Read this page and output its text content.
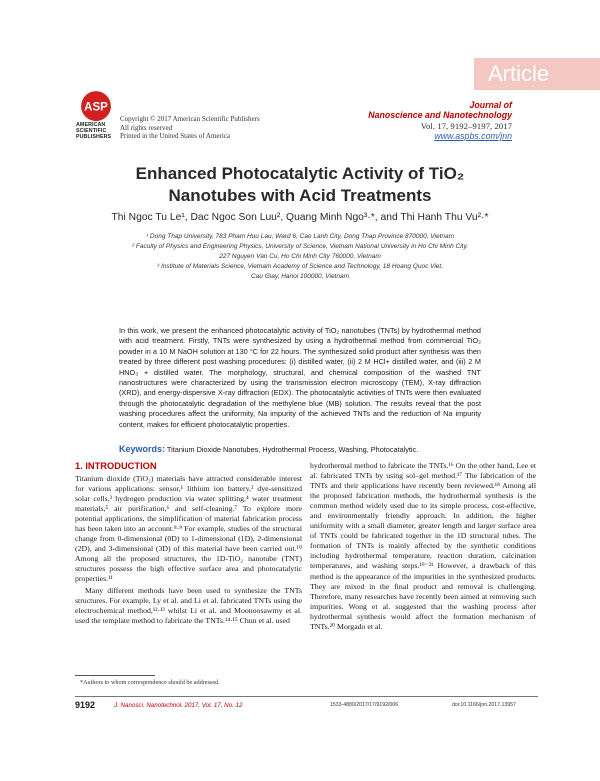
Article
ASP
AMERICAN
SCIENTIFIC
PUBLISHERS
Copyright © 2017 American Scientific Publishers
All rights reserved
Printed in the United States of America
Journal of
Nanoscience and Nanotechnology
Vol. 17, 9192–9197, 2017
www.aspbs.com/jnn
Enhanced Photocatalytic Activity of TiO₂
Nanotubes with Acid Treatments
Thi Ngoc Tu Le¹, Dac Ngoc Son Luu², Quang Minh Ngo³·*, and Thi Hanh Thu Vu²·*
¹ Dong Thap University, 783 Pham Huu Lau, Ward 6, Cao Lanh City, Dong Thap Province 870000, Vietnam
² Faculty of Physics and Engineering Physics, University of Science, Vietnam National University in Ho Chi Minh City,
227 Nguyen Van Cu, Ho Chi Minh City 760000, Vietnam
³ Institute of Materials Science, Vietnam Academy of Science and Technology, 18 Hoang Quoc Viet,
Cau Giay, Hanoi 100000, Vietnam
In this work, we present the enhanced photocatalytic activity of TiO₂ nanotubes (TNTs) by hydrothermal method with acid treatment. Firstly, TNTs were synthesized by using a hydrothermal method from commercial TiO₂ powder in a 10 M NaOH solution at 130 °C for 22 hours. The synthesized solid product after synthesis was then treated by three different post washing procedures: (i) distilled water, (ii) 2 M HCl+ distilled water, and (iii) 2 M HNO₃ + distilled water. The morphology, structural, and chemical composition of the washed TNT nanostructures were characterized by using the transmission electron microscopy (TEM), X-ray diffraction (XRD), and energy-dispersive X-ray diffraction (EDX). The photocatalytic activities of TNTs were then evaluated through the photocatalytic degradation of the methylene blue (MB) solution. The results reveal that the post washing procedures affect the uniformity, Na impurity of the achieved TNTs and the reduction of Na impurity content, makes for efficient photocatalytic properties.
Keywords: Titanium Dioxide Nanotubes, Hydrothermal Process, Washing, Photocatalytic.
1. INTRODUCTION

Titanium dioxide (TiO₂) materials have attracted considerable interest for various applications: sensor,¹ lithium ion battery,² dye-sensitized solar cells,³ hydrogen production via water splitting,⁴ water treatment materials,⁵ air purification,⁶ and self-cleaning.⁷ To explore more potential applications, the simplification of material fabrication process has been taken into an account.⁸·⁹ For example, studies of the structural change from 0-dimensional (0D) to 1-dimensional (1D), 2-dimensional (2D), and 3-dimensional (3D) of this material have been carried out.¹⁰ Among all the proposed structures, the 1D-TiO₂ nanotube (TNT) structures possess the high effective surface area and photocatalytic properties.¹¹

Many different methods have been used to synthesize the TNTs structures. For example, Ly et al. and Li et al. fabricated TNTs using the electrochemical method,¹²·¹³ whilst Li et al. and Moonoosawmy et al. used the template method to fabricate the TNTs.¹⁴·¹⁵ Chun et al. used

hydrothermal method to fabricate the TNTs.¹⁶ On the other hand, Lee et al. fabricated TNTs by using sol–gel method.¹⁷ The fabrication of the TNTs and their applications have recently been reviewed.¹⁸ Among all the proposed fabrication methods, the hydrothermal synthesis is the common method widely used due to its simple process, cost-effective, and environmentally friendly approach. In addition, the higher uniformity with a small diameter, greater length and larger surface area of TNTs could be fabricated together in the 1D structural tubes. The formation of TNTs is mainly affected by the synthetic conditions including hydrothermal temperature, reaction duration, calcination temperatures, and washing steps.¹⁹⁻²¹ However, a drawback of this method is the appearance of the impurities in the synthesized products. They are mixed in the final product and removal is challenging. Therefore, many researches have recently been aimed at removing such impurities. Wong et al. suggested that the washing process after hydrothermal synthesis would affect the formation mechanism of TNTs.²⁰ Morgado et al.

*Authors to whom correspondence should be addressed.
9192	J. Nanosci. Nanotechnol. 2017, Vol. 17, No. 12	1533-4880/2017/17/9192/006	doi:10.1166/jnn.2017.13957
